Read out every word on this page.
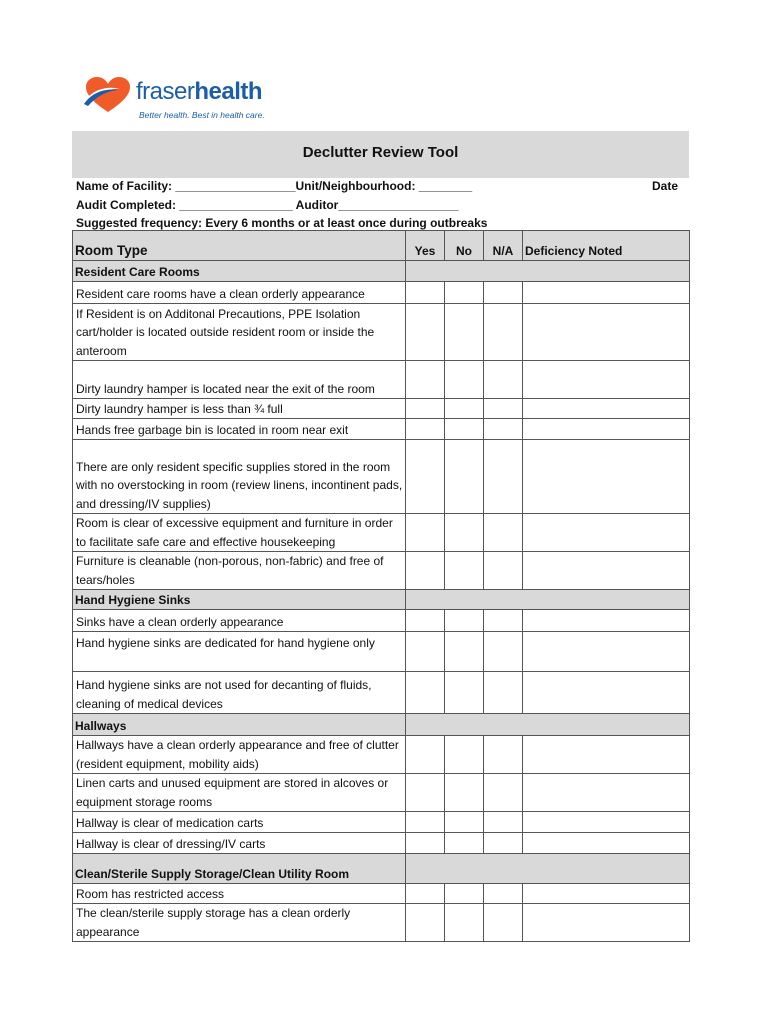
fraserhealth
Better health. Best in health care.
Declutter Review Tool
Name of Facility: __________________Unit/Neighbourhood: ________	Date
Audit Completed: _________________ Auditor__________________
Suggested frequency: Every 6 months or at least once during outbreaks
Room Type	Yes	No	N/A	Deficiency Noted
Resident Care Rooms				
Resident care rooms have a clean orderly appearance				
If Resident is on Additonal Precautions, PPE Isolation cart/holder is located outside resident room or inside the anteroom				
Dirty laundry hamper is located near the exit of the room				
Dirty laundry hamper is less than ¾ full				
Hands free garbage bin is located in room near exit				
There are only resident specific supplies stored in the room with no overstocking in room (review linens, incontinent pads, and dressing/IV supplies)				
Room is clear of excessive equipment and furniture in order to facilitate safe care and effective housekeeping				
Furniture is cleanable (non-porous, non-fabric) and free of tears/holes				
Hand Hygiene Sinks				
Sinks have a clean orderly appearance				
Hand hygiene sinks are dedicated for hand hygiene only				
Hand hygiene sinks are not used for decanting of fluids, cleaning of medical devices				
Hallways				
Hallways have a clean orderly appearance and free of clutter (resident equipment, mobility aids)				
Linen carts and unused equipment are stored in alcoves or equipment storage rooms				
Hallway is clear of medication carts				
Hallway is clear of dressing/IV carts				
Clean/Sterile Supply Storage/Clean Utility Room				
Room has restricted access				
The clean/sterile supply storage has a clean orderly appearance				
